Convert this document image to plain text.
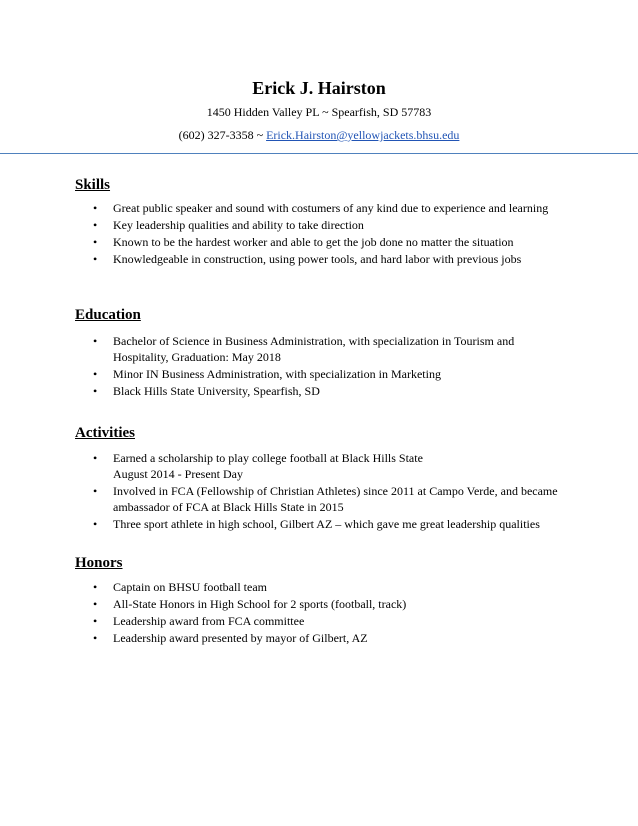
Erick J. Hairston
1450 Hidden Valley PL ~ Spearfish, SD 57783
(602) 327-3358 ~ Erick.Hairston@yellowjackets.bhsu.edu
Skills
• Great public speaker and sound with costumers of any kind due to experience and learning
• Key leadership qualities and ability to take direction
• Known to be the hardest worker and able to get the job done no matter the situation
• Knowledgeable in construction, using power tools, and hard labor with previous jobs
Education
• Bachelor of Science in Business Administration, with specialization in Tourism and Hospitality, Graduation: May 2018
• Minor IN Business Administration, with specialization in Marketing
• Black Hills State University, Spearfish, SD
Activities
• Earned a scholarship to play college football at Black Hills State
August 2014 - Present Day
• Involved in FCA (Fellowship of Christian Athletes) since 2011 at Campo Verde, and became ambassador of FCA at Black Hills State in 2015
• Three sport athlete in high school, Gilbert AZ – which gave me great leadership qualities
Honors
• Captain on BHSU football team
• All-State Honors in High School for 2 sports (football, track)
• Leadership award from FCA committee
• Leadership award presented by mayor of Gilbert, AZ
